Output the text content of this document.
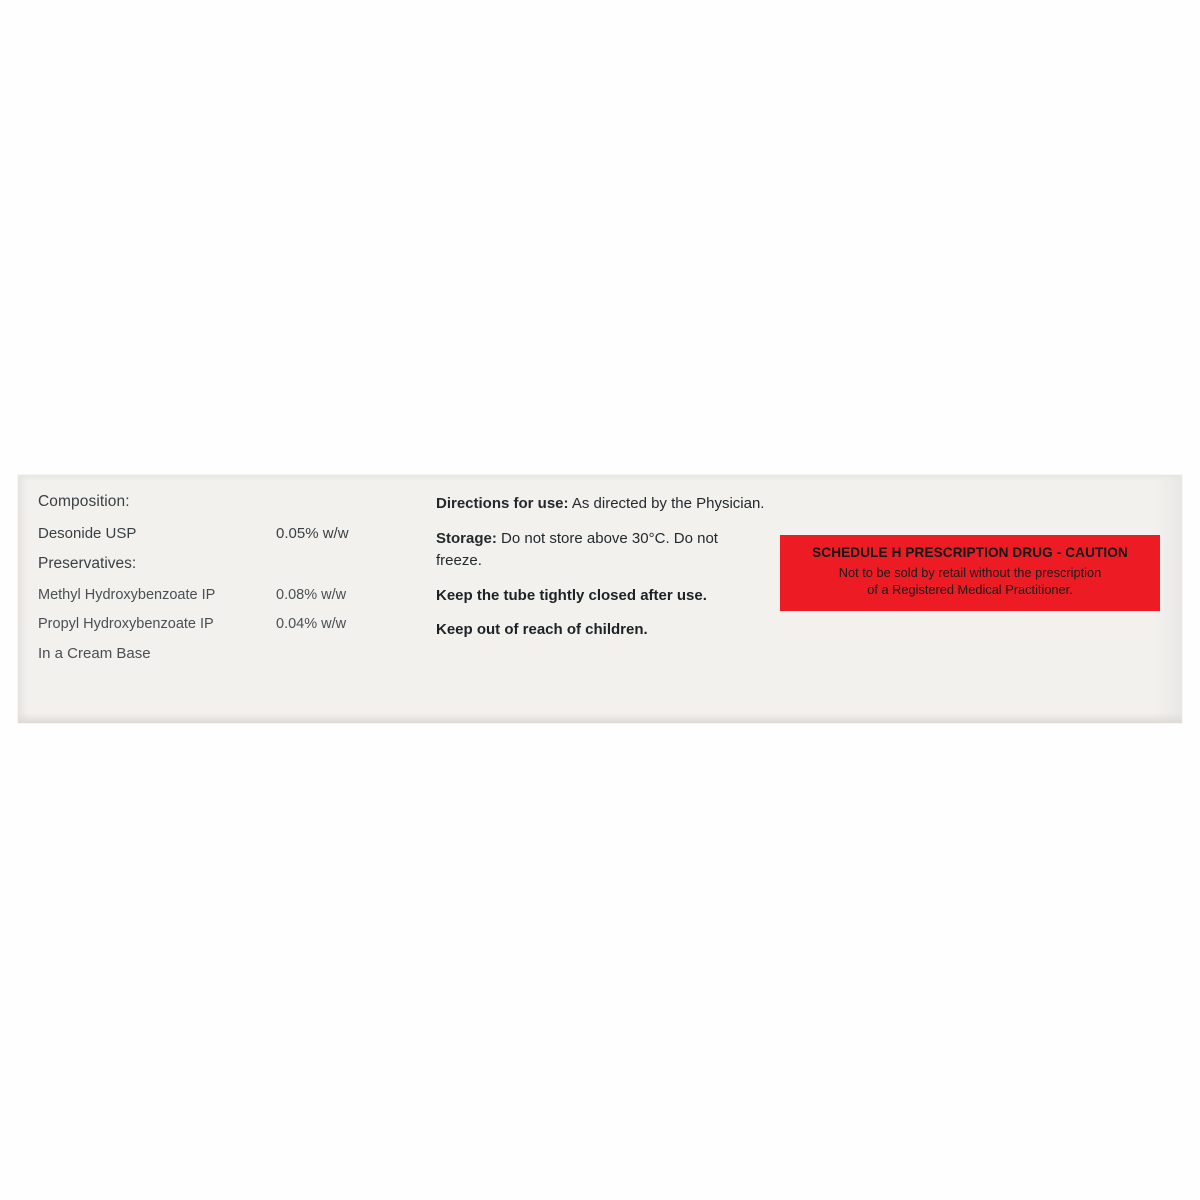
Composition:
Desonide USP	0.05% w/w
Preservatives:
Methyl Hydroxybenzoate IP	0.08% w/w
Propyl Hydroxybenzoate IP	0.04% w/w
In a Cream Base
Directions for use: As directed by the Physician.
Storage: Do not store above 30°C. Do not freeze.
Keep the tube tightly closed after use.
Keep out of reach of children.
SCHEDULE H PRESCRIPTION DRUG - CAUTION
Not to be sold by retail without the prescription
of a Registered Medical Practitioner.
